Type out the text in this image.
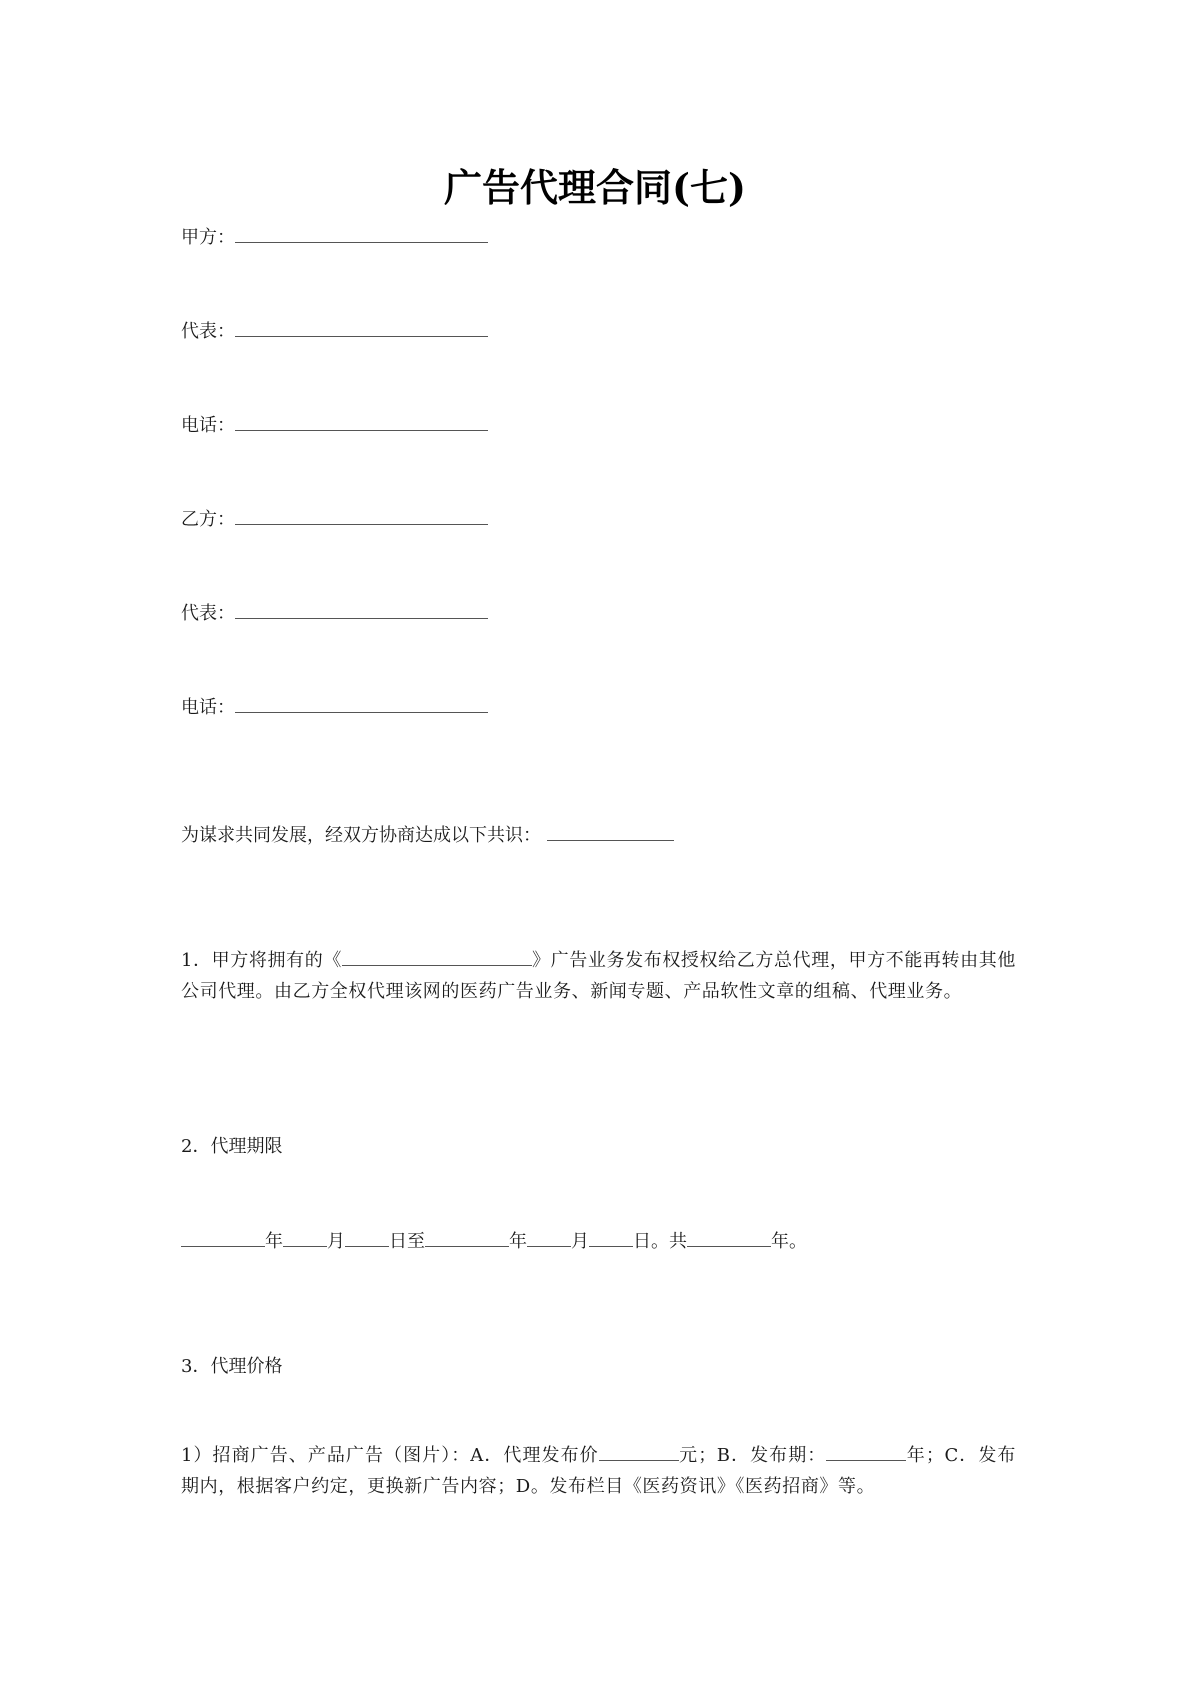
广告代理合同(七)
甲方：
代表：
电话：
乙方：
代表：
电话：
为谋求共同发展，经双方协商达成以下共识：
1．甲方将拥有的《	》广告业务发布权授权给乙方总代理，甲方不能再转由其他公司代理。由乙方全权代理该网的医药广告业务、新闻专题、产品软性文章的组稿、代理业务。
2．代理期限
年 月 日至	年 月 日。共	年。
3．代理价格
1）招商广告、产品广告（图片）：A．代理发布价	元；B．发布期：	年；C．发布期内，根据客户约定，更换新广告内容；D。发布栏目《医药资讯》《医药招商》等。
